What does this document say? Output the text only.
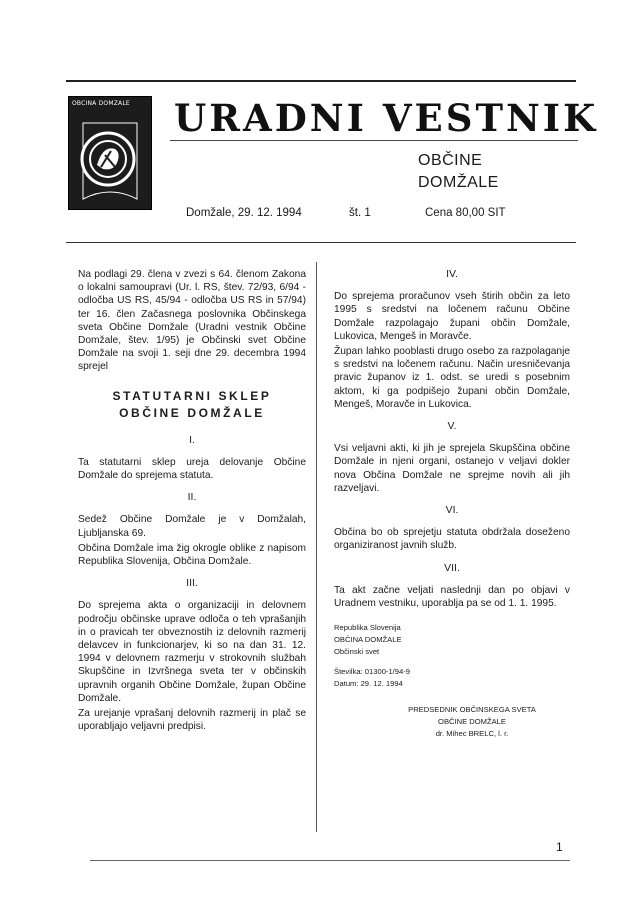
OBČINA DOMŽALE	URADNI VESTNIK
OBČINE
DOMŽALE
Domžale, 29. 12. 1994	št. 1	Cena 80,00 SIT

Na podlagi 29. člena v zvezi s 64. členom Zakona o lokalni samoupravi (Ur. l. RS, štev. 72/93, 6/94 - odločba US RS, 45/94 - odločba US RS in 57/94) ter 16. člen Začasnega poslovnika Občinskega sveta Občine Domžale (Uradni vestnik Občine Domžale, štev. 1/95) je Občinski svet Občine Domžale na svoji 1. seji dne 29. decembra 1994 sprejel

STATUTARNI SKLEP
OBČINE DOMŽALE
I.

Ta statutarni sklep ureja delovanje Občine Domžale do sprejema statuta.

II.

Sedež Občine Domžale je v Domžalah, Ljubljanska 69.

Občina Domžale ima žig okrogle oblike z napisom Republika Slovenija, Občina Domžale.

III.

Do sprejema akta o organizaciji in delovnem področju občinske uprave odloča o teh vprašanjih in o pravicah ter obveznostih iz delovnih razmerij delavcev in funkcionarjev, ki so na dan 31. 12. 1994 v delovnem razmerju v strokovnih službah Skupščine in Izvršnega sveta ter v občinskih upravnih organih Občine Domžale, župan Občine Domžale.

Za urejanje vprašanj delovnih razmerij in plač se uporabljajo veljavni predpisi.

IV.

Do sprejema proračunov vseh štirih občin za leto 1995 s sredstvi na ločenem računu Občine Domžale razpolagajo župani občin Domžale, Lukovica, Mengeš in Moravče.

Župan lahko pooblasti drugo osebo za razpolaganje s sredstvi na ločenem računu. Način uresničevanja pravic županov iz 1. odst. se uredi s posebnim aktom, ki ga podpišejo župani občin Domžale, Mengeš, Moravče in Lukovica.

V.

Vsi veljavni akti, ki jih je sprejela Skupščina občine Domžale in njeni organi, ostanejo v veljavi dokler nova Občina Domžale ne sprejme novih ali jih razveljavi.

VI.

Občina bo ob sprejetju statuta obdržala doseženo organiziranost javnih služb.

VII.

Ta akt začne veljati naslednji dan po objavi v Uradnem vestniku, uporablja pa se od 1. 1. 1995.

Republika Slovenija
OBČINA DOMŽALE
Občinski svet
Številka: 01300-1/94-9
Datum: 29. 12. 1994
PREDSEDNIK OBČINSKEGA SVETA
OBČINE DOMŽALE
dr. Mihec BRELC, l. r.
1
